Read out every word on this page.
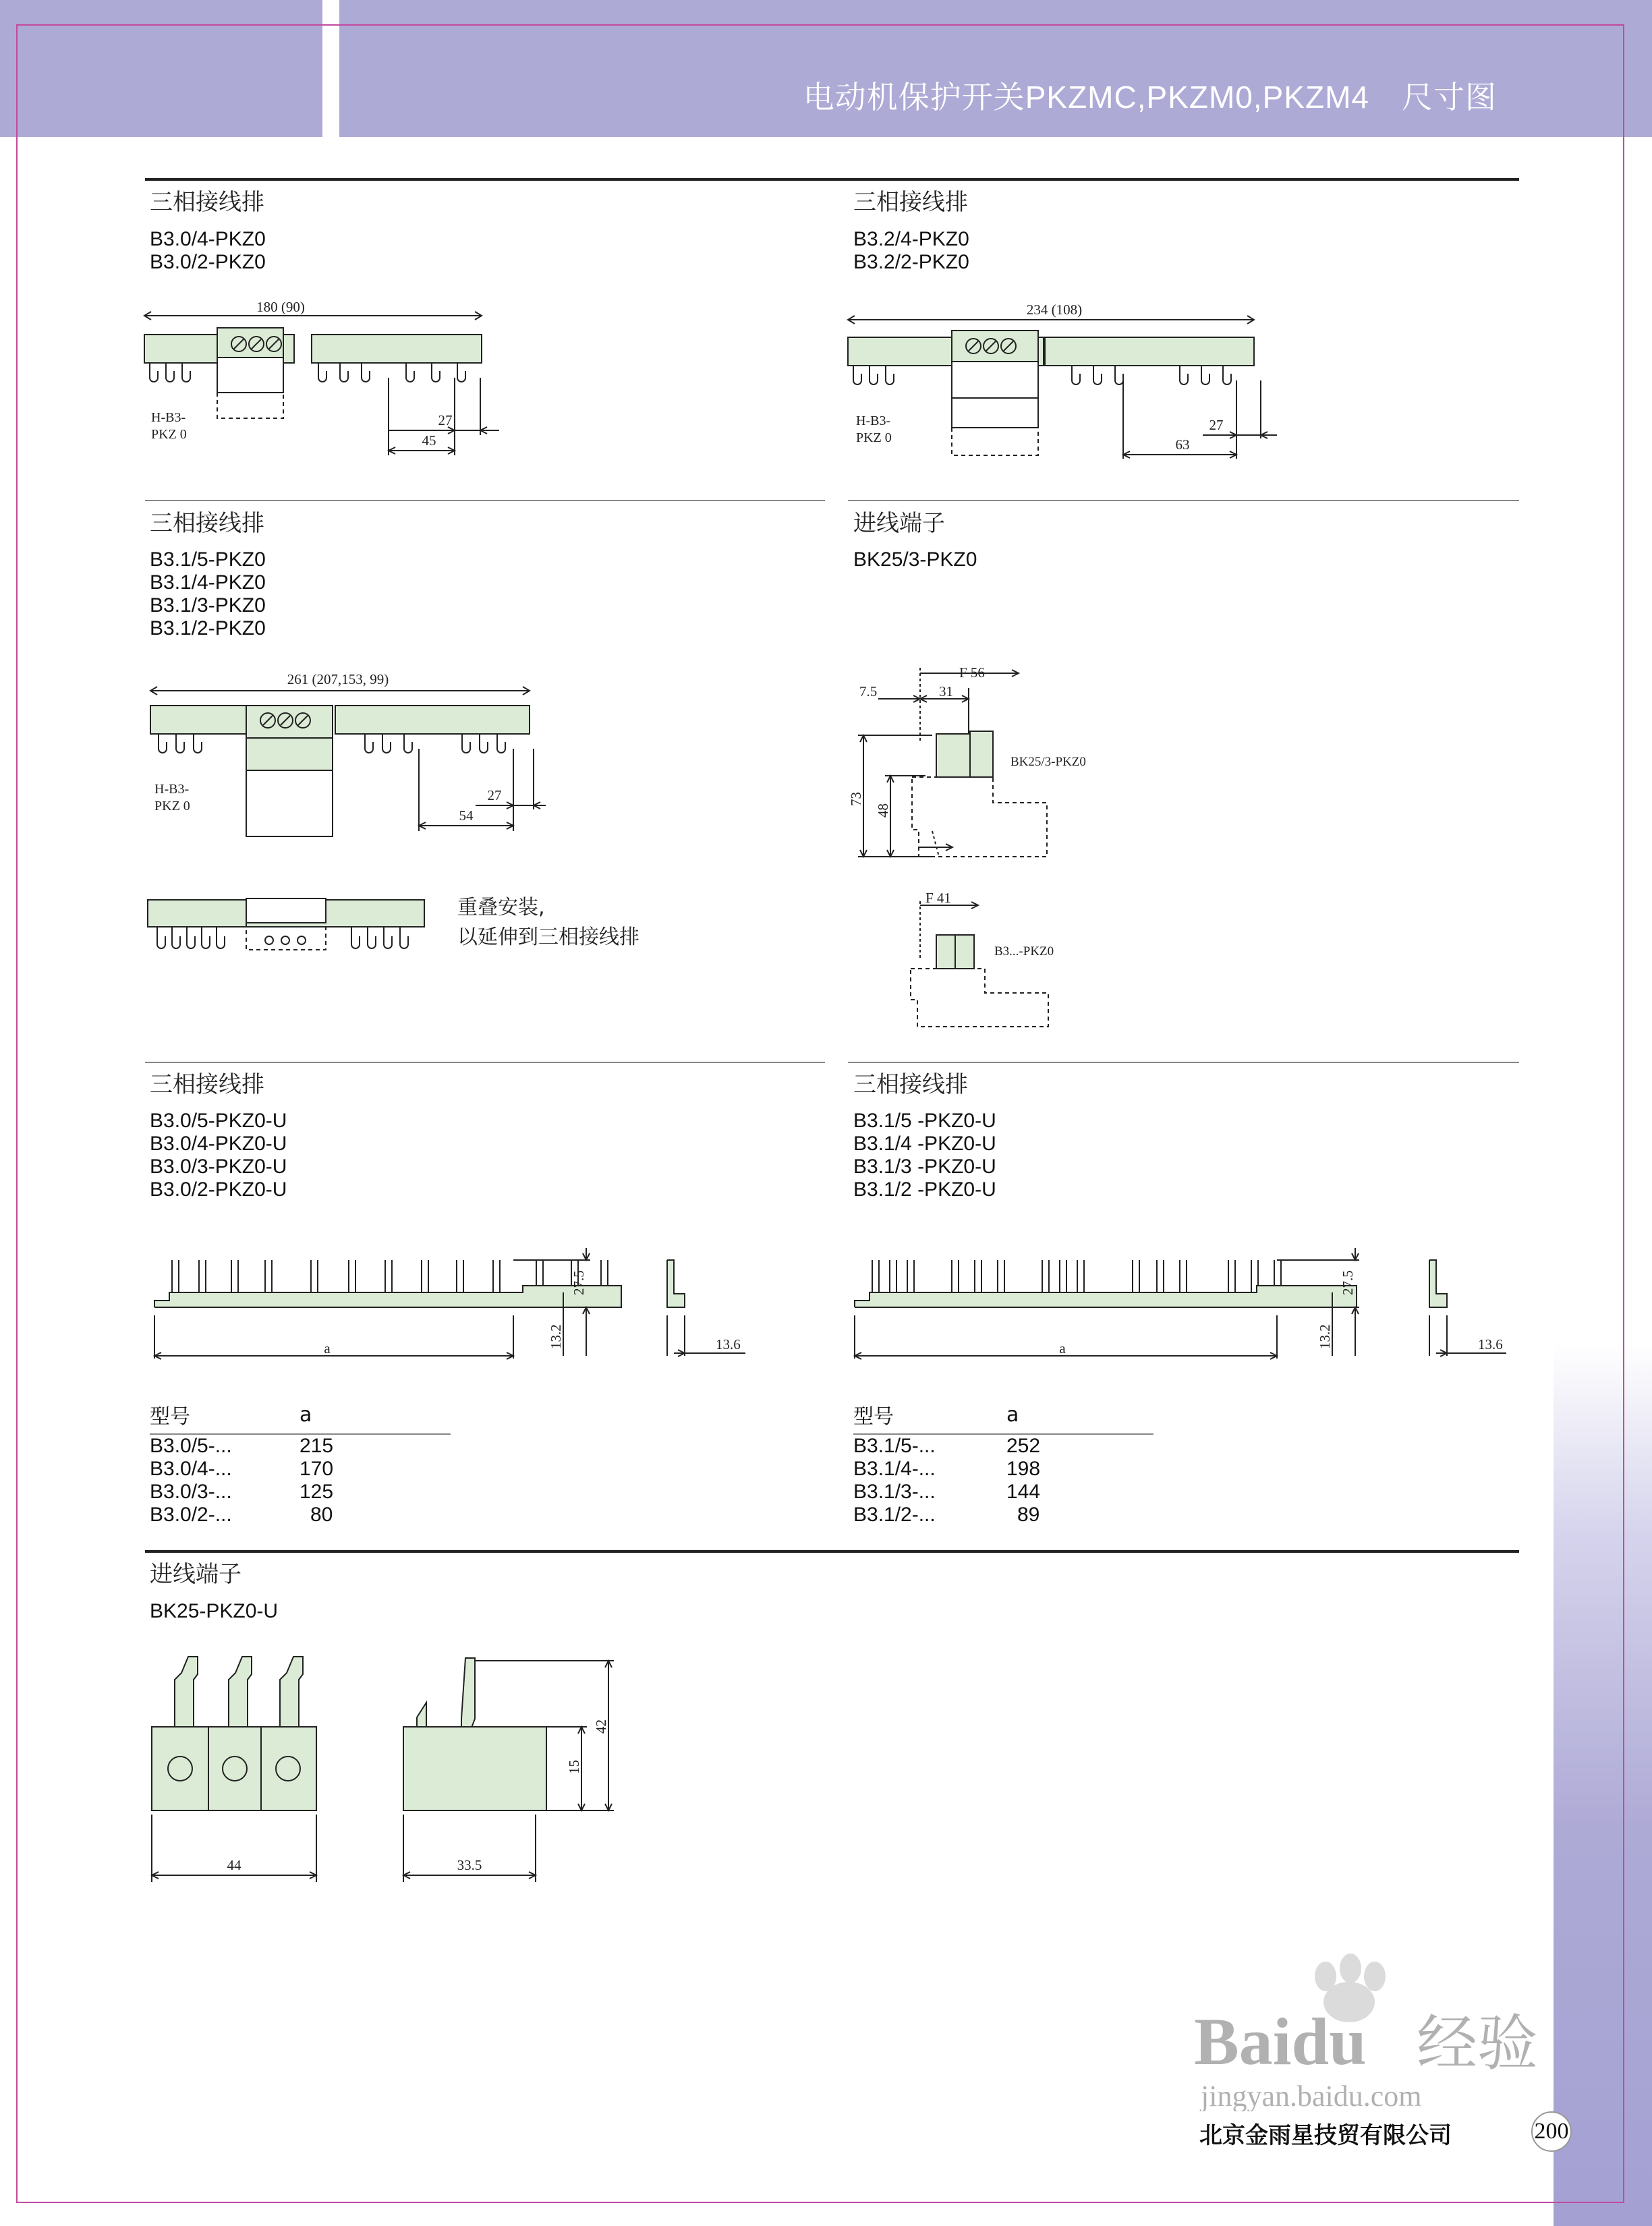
电动机保护开关PKZMC,PKZM0,PKZM4 尺寸图
三相接线排
B3.0/4-PKZ0
B3.0/2-PKZ0
180 (90)
27
45
H-B3-
PKZ 0
三相接线排
B3.2/4-PKZ0
B3.2/2-PKZ0
234 (108)
27
63
H-B3-
PKZ 0
三相接线排
B3.1/5-PKZ0
B3.1/4-PKZ0
B3.1/3-PKZ0
B3.1/2-PKZ0
261 (207,153, 99)
27
54
H-B3-
PKZ 0
重叠安装,
以延伸到三相接线排
进线端子
BK25/3-PKZ0
F 56
7.5	31
73
48
BK25/3-PKZ0
F 41
B3...-PKZ0
三相接线排
B3.0/5-PKZ0-U
B3.0/4-PKZ0-U
B3.0/3-PKZ0-U
B3.0/2-PKZ0-U
a
27.5
13.2	13.6
型号	a
B3.0/5-...	215
B3.0/4-...	170
B3.0/3-...	125
B3.0/2-...	80
三相接线排
B3.1/5 -PKZ0-U
B3.1/4 -PKZ0-U
B3.1/3 -PKZ0-U
B3.1/2 -PKZ0-U
a
27.5
13.2	13.6
型号	a
B3.1/5-...	252
B3.1/4-...	198
B3.1/3-...	144
B3.1/2-...	89
进线端子
BK25-PKZ0-U
44	33.5
42
15
Baidu 经验
jingyan.baidu.com
北京金雨星技贸有限公司	200
